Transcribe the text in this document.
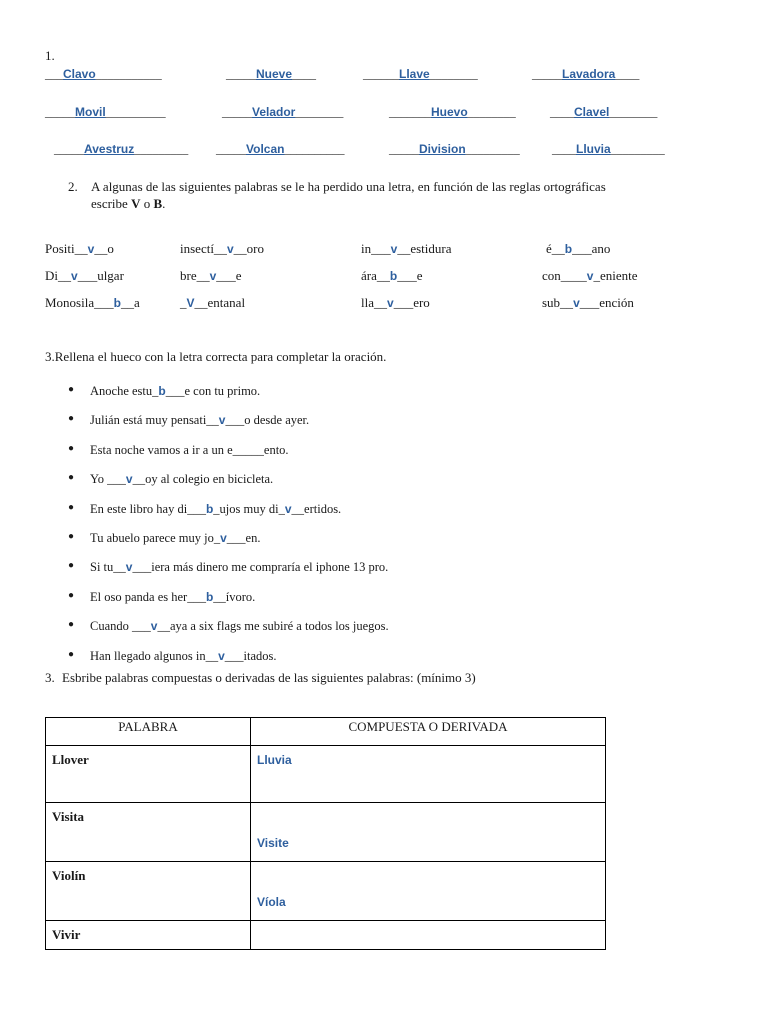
1.
___Clavo___________	_____Nueve____	______Llave________	_____Lavadora____
_____Movil__________	_____Velador________	_______Huevo________	____Clavel________
_____Avestruz_________ _____Volcan__________	_____Division_________	____Lluvia_________
2. A algunas de las siguientes palabras se le ha perdido una letra, en función de las reglas ortográficas
escribe V o B.
Positi__v__o	insectí__v__oro	in___v__estidura	é__b___ano
Di__v___ulgar	bre__v___e	ára__b___e	con____v_eniente
Monosila___b__a	_V__entanal	lla__v___ero	sub__v___ención
3.Rellena el hueco con la letra correcta para completar la oración.
● Anoche estu_b___e con tu primo.
● Julián está muy pensati__v___o desde ayer.
● Esta noche vamos a ir a un e_____ento.
● Yo ___v__oy al colegio en bicicleta.
● En este libro hay di___b_ujos muy di_v__ertidos.
● Tu abuelo parece muy jo_v___en.
● Si tu__v___iera más dinero me compraría el iphone 13 pro.
● El oso panda es her___b__ívoro.
● Cuando ___v__aya a six flags me subiré a todos los juegos.
● Han llegado algunos in__v___itados.
3. Esbribe palabras compuestas o derivadas de las siguientes palabras: (mínimo 3)
PALABRA	COMPUESTA O DERIVADA
Llover	Lluvia
Visita	Visite
Violín	Víola
Vivir	
